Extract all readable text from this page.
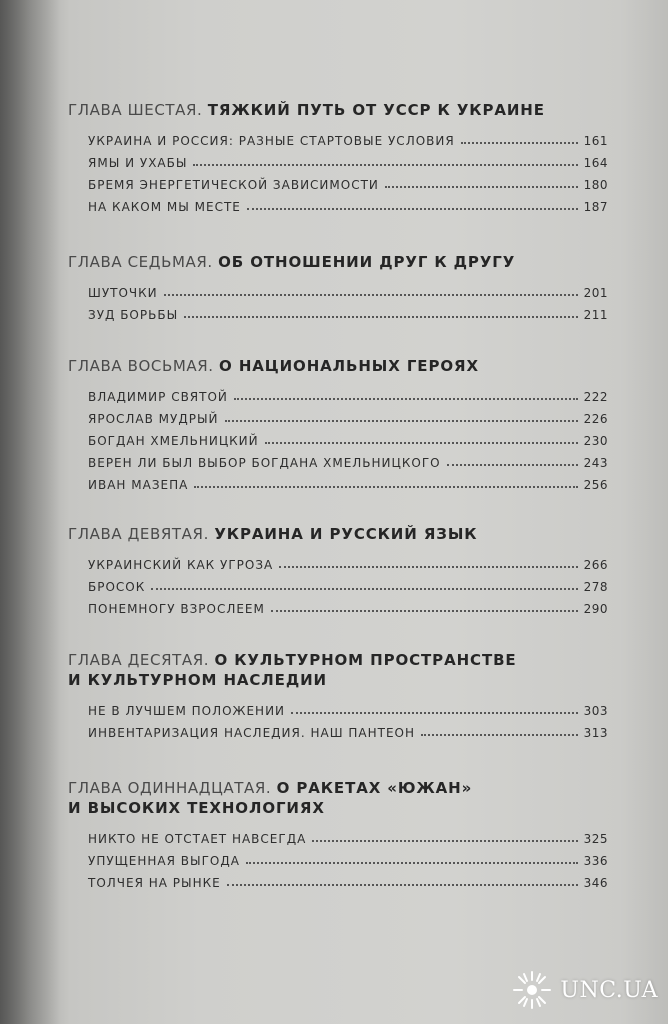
ГЛАВА ШЕСТАЯ. ТЯЖКИЙ ПУТЬ ОТ УССР К УКРАИНЕ
УКРАИНА И РОССИЯ: РАЗНЫЕ СТАРТОВЫЕ УСЛОВИЯ	161
ЯМЫ И УХАБЫ	164
БРЕМЯ ЭНЕРГЕТИЧЕСКОЙ ЗАВИСИМОСТИ	180
НА КАКОМ МЫ МЕСТЕ	187
ГЛАВА СЕДЬМАЯ. ОБ ОТНОШЕНИИ ДРУГ К ДРУГУ
ШУТОЧКИ	201
ЗУД БОРЬБЫ	211
ГЛАВА ВОСЬМАЯ. О НАЦИОНАЛЬНЫХ ГЕРОЯХ
ВЛАДИМИР СВЯТОЙ	222
ЯРОСЛАВ МУДРЫЙ	226
БОГДАН ХМЕЛЬНИЦКИЙ	230
ВЕРЕН ЛИ БЫЛ ВЫБОР БОГДАНА ХМЕЛЬНИЦКОГО	243
ИВАН МАЗЕПА	256
ГЛАВА ДЕВЯТАЯ. УКРАИНА И РУССКИЙ ЯЗЫК
УКРАИНСКИЙ КАК УГРОЗА	266
БРОСОК	278
ПОНЕМНОГУ ВЗРОСЛЕЕМ	290
ГЛАВА ДЕСЯТАЯ. О КУЛЬТУРНОМ ПРОСТРАНСТВЕ
И КУЛЬТУРНОМ НАСЛЕДИИ
НЕ В ЛУЧШЕМ ПОЛОЖЕНИИ	303
ИНВЕНТАРИЗАЦИЯ НАСЛЕДИЯ. НАШ ПАНТЕОН	313
ГЛАВА ОДИННАДЦАТАЯ. О РАКЕТАХ «ЮЖАН»
И ВЫСОКИХ ТЕХНОЛОГИЯХ
НИКТО НЕ ОТСТАЕТ НАВСЕГДА	325
УПУЩЕННАЯ ВЫГОДА	336
ТОЛЧЕЯ НА РЫНКЕ	346
UNC.UA
